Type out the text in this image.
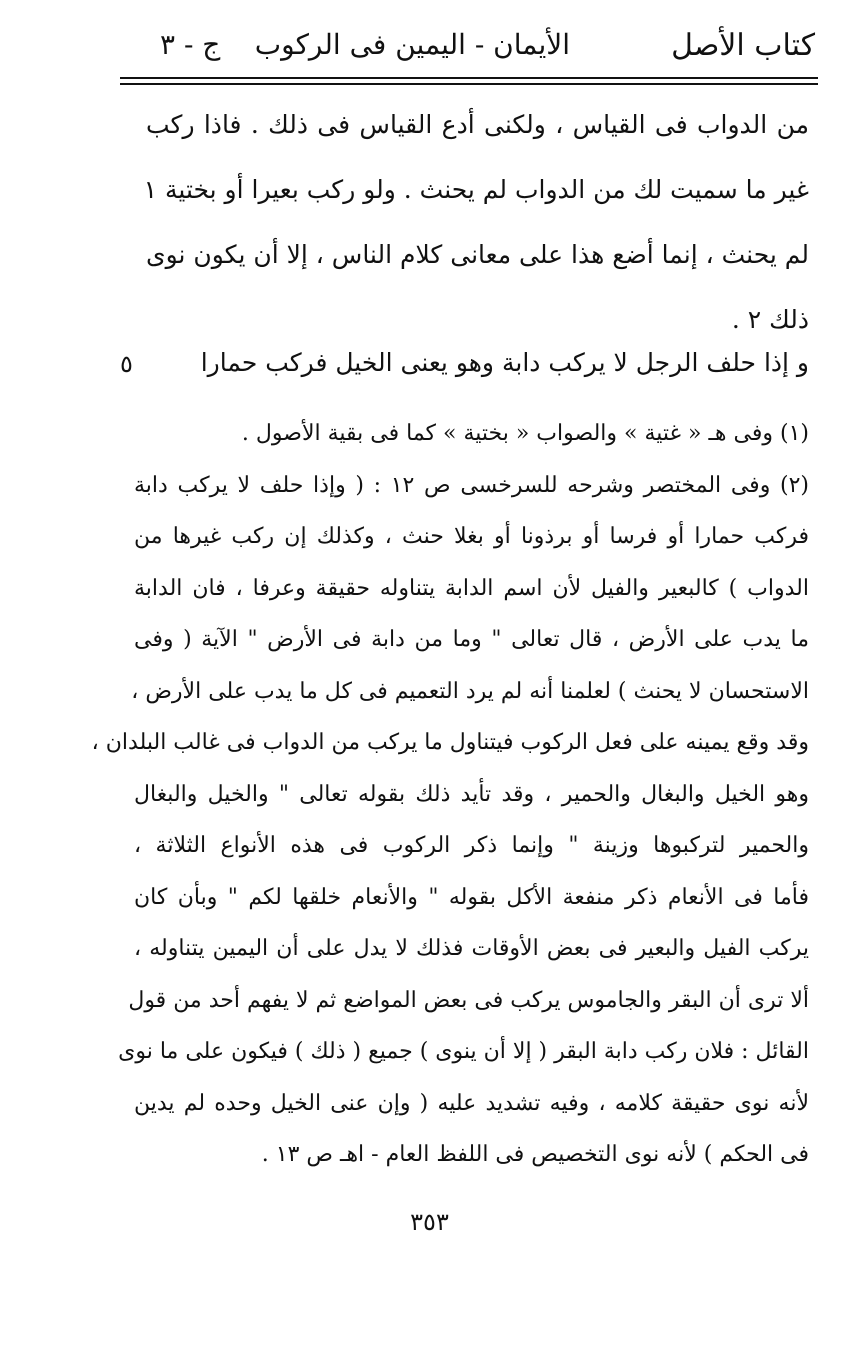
كتاب الأصل
الأيمان - اليمين فى الركوب
ج - ٣
من الدواب فى القياس ، ولكنى أدع القياس فى ذلك . فاذا ركب
غير ما سميت لك من الدواب لم يحنث . ولو ركب بعيرا أو بختية ١
لم يحنث ، إنما أضع هذا على معانى كلام الناس ، إلا أن يكون نوى
ذلك ٢ .
و إذا حلف الرجل لا يركب دابة وهو يعنى الخيل فركب حمارا
٥
(١) وفى هـ « غتية » والصواب « بختية » كما فى بقية الأصول .
(٢) وفى المختصر وشرحه للسرخسى ص ١٢ : ( وإذا حلف لا يركب دابة
فركب حمارا أو فرسا أو برذونا أو بغلا حنث ، وكذلك إن ركب غيرها من
الدواب ) كالبعير والفيل لأن اسم الدابة يتناوله حقيقة وعرفا ، فان الدابة
ما يدب على الأرض ، قال تعالى " وما من دابة فى الأرض " الآية ( وفى
الاستحسان لا يحنث ) لعلمنا أنه لم يرد التعميم فى كل ما يدب على الأرض ،
وقد وقع يمينه على فعل الركوب فيتناول ما يركب من الدواب فى غالب البلدان ،
وهو الخيل والبغال والحمير ، وقد تأيد ذلك بقوله تعالى " والخيل والبغال
والحمير لتركبوها وزينة " وإنما ذكر الركوب فى هذه الأنواع الثلاثة ،
فأما فى الأنعام ذكر منفعة الأكل بقوله " والأنعام خلقها لكم " وبأن كان
يركب الفيل والبعير فى بعض الأوقات فذلك لا يدل على أن اليمين يتناوله ،
ألا ترى أن البقر والجاموس يركب فى بعض المواضع ثم لا يفهم أحد من قول
القائل : فلان ركب دابة البقر ( إلا أن ينوى ) جميع ( ذلك ) فيكون على ما نوى
لأنه نوى حقيقة كلامه ، وفيه تشديد عليه ( وإن عنى الخيل وحده لم يدين
فى الحكم ) لأنه نوى التخصيص فى اللفظ العام - اهـ ص ١٣ .
٣٥٣
